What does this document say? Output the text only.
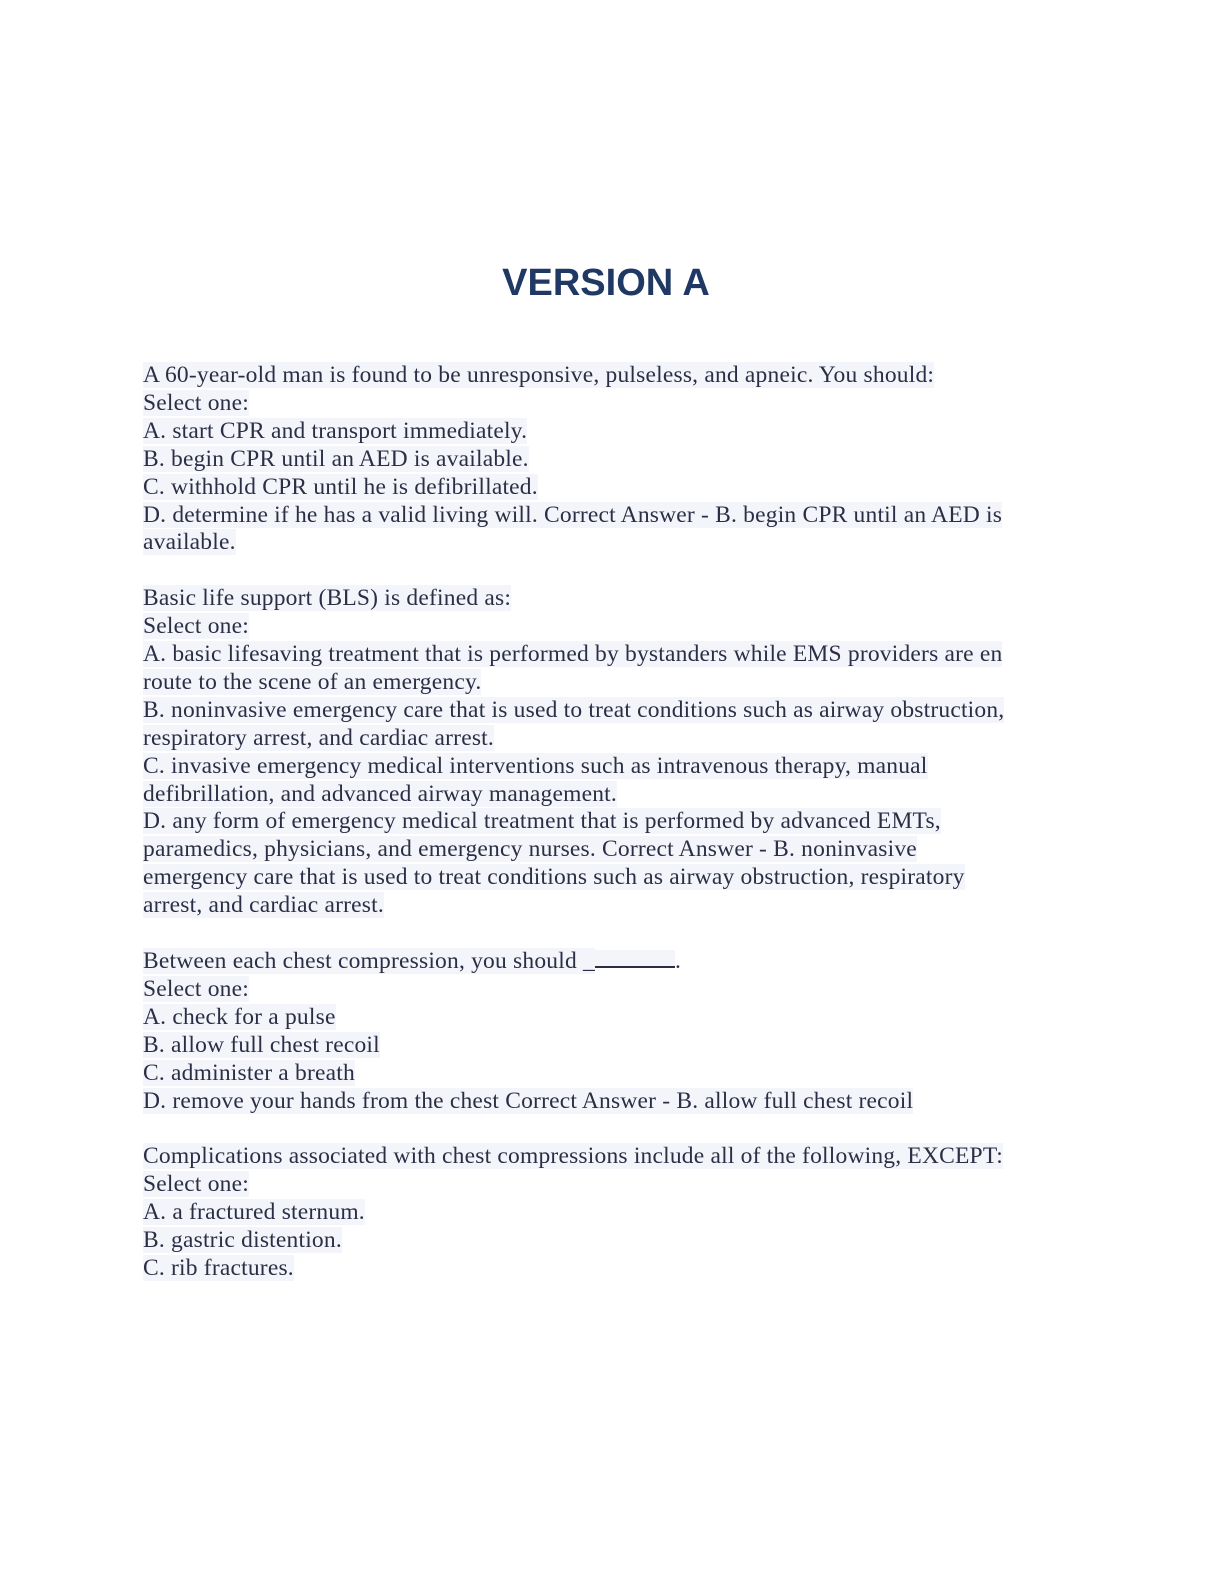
VERSION A
A 60-year-old man is found to be unresponsive, pulseless, and apneic. You should:
Select one:
A. start CPR and transport immediately.
B. begin CPR until an AED is available.
C. withhold CPR until he is defibrillated.
D. determine if he has a valid living will. Correct Answer - B. begin CPR until an AED is
available.
Basic life support (BLS) is defined as:
Select one:
A. basic lifesaving treatment that is performed by bystanders while EMS providers are en
route to the scene of an emergency.
B. noninvasive emergency care that is used to treat conditions such as airway obstruction,
respiratory arrest, and cardiac arrest.
C. invasive emergency medical interventions such as intravenous therapy, manual
defibrillation, and advanced airway management.
D. any form of emergency medical treatment that is performed by advanced EMTs,
paramedics, physicians, and emergency nurses. Correct Answer - B. noninvasive
emergency care that is used to treat conditions such as airway obstruction, respiratory
arrest, and cardiac arrest.
Between each chest compression, you should _	.
Select one:
A. check for a pulse
B. allow full chest recoil
C. administer a breath
D. remove your hands from the chest Correct Answer - B. allow full chest recoil
Complications associated with chest compressions include all of the following, EXCEPT:
Select one:
A. a fractured sternum.
B. gastric distention.
C. rib fractures.
